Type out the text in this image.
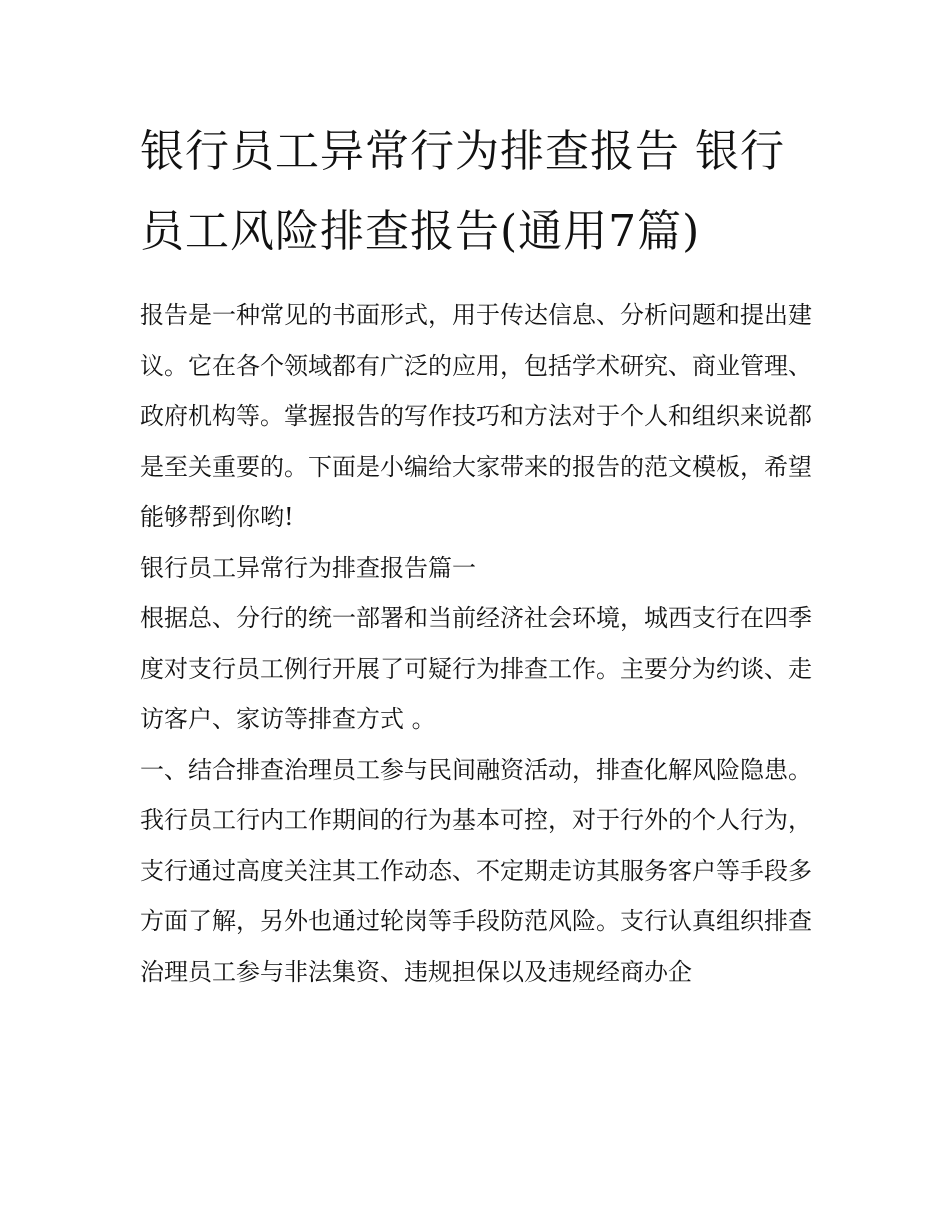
银行员工异常行为排查报告 银行员工风险排查报告(通用7篇)

报告是一种常见的书面形式，用于传达信息、分析问题和提出建议。它在各个领域都有广泛的应用，包括学术研究、商业管理、政府机构等。掌握报告的写作技巧和方法对于个人和组织来说都是至关重要的。下面是小编给大家带来的报告的范文模板，希望能够帮到你哟!

银行员工异常行为排查报告篇一

根据总、分行的统一部署和当前经济社会环境，城西支行在四季度对支行员工例行开展了可疑行为排查工作。主要分为约谈、走访客户、家访等排查方式 。

一、结合排查治理员工参与民间融资活动，排查化解风险隐患。

我行员工行内工作期间的行为基本可控，对于行外的个人行为，支行通过高度关注其工作动态、不定期走访其服务客户等手段多方面了解，另外也通过轮岗等手段防范风险。支行认真组织排查治理员工参与非法集资、违规担保以及违规经商办企
